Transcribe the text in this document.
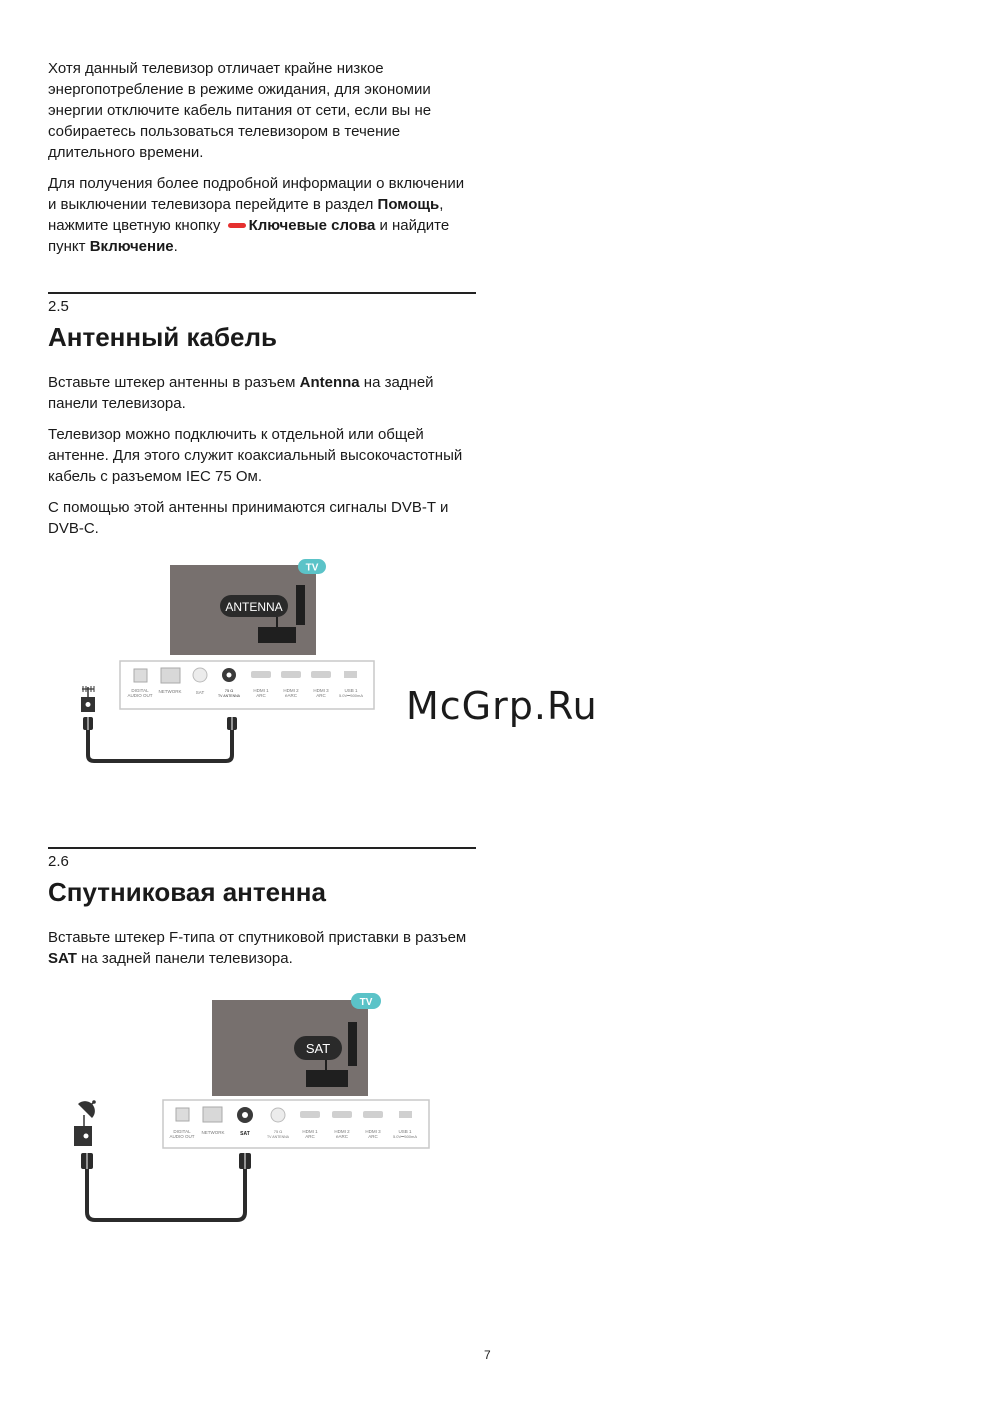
Хотя данный телевизор отличает крайне низкое энергопотребление в режиме ожидания, для экономии энергии отключите кабель питания от сети, если вы не собираетесь пользоваться телевизором в течение длительного времени.

Для получения более подробной информации о включении и выключении телевизора перейдите в раздел Помощь, нажмите цветную кнопку Ключевые слова и найдите пункт Включение.

2.5
Антенный кабель

Вставьте штекер антенны в разъем Antenna на задней панели телевизора.

Телевизор можно подключить к отдельной или общей антенне. Для этого служит коаксиальный высокочастотный кабель с разъемом IEC 75 Ом.

С помощью этой антенны принимаются сигналы DVB-T и DVB-C.

ANTENNA
TV
DIGITAL
AUDIO OUT
NETWORK	SAT	75 Ω
TV ANTENNA
HDMI 1
ARC
HDMI 2
eARC
HDMI 3
ARC
USB 1
5.0V⎓500mA McGrp.Ru
2.6
Спутниковая антенна

Вставьте штекер F-типа от спутниковой приставки в разъем SAT на задней панели телевизора.

SAT
TV
DIGITAL
AUDIO OUT
NETWORK	SAT	75 Ω
TV ANTENNA
HDMI 1
ARC
HDMI 2
eARC
HDMI 3
ARC
USB 1
5.0V⎓500mA
7
